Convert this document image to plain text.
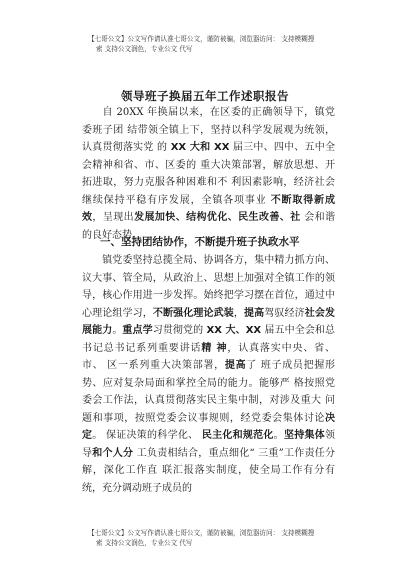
【七哥公文】公文写作请认准七哥公文，谨防被骗，浏览器访问： 支持模糊搜
索 支持公文润色，专业公文 代写
领导班子换届五年工作述职报告
自 20XX 年换届以来，在区委的正确领导下，镇党委班子团 结带领全镇上下，坚持以科学发展观为统领，认真贯彻落实党 的 XX 大和 XX 届三中、四中、五中全会精神和省、市、区委的 重大决策部署，解放思想、开拓进取，努力克服各种困难和不 利因素影响，经济社会继续保持平稳有序发展，全镇各项事业 不断取得新成效，呈现出发展加快、结构优化、民生改善、社 会和谐的良好态势。
一、坚持团结协作，不断提升班子执政水平
镇党委坚持总揽全局、协调各方，集中精力抓方向、议大事、管全局，从政治上、思想上加强对全镇工作的领导，核心作用进一步发挥。始终把学习摆在首位，通过中心理论组学习，不断强化理论武装，提高驾驭经济社会发展能力。重点学习贯彻党的 XX 大、XX 届五中全会和总书记总书记系列重要讲话精 神，认真落实中央、省、市、 区一系列重大决策部署，提高了 班子成员把握形势、应对复杂局面和掌控全局的能力。能够严 格按照党委会工作法，认真贯彻落实民主集中制，对涉及重大 问题和事项，按照党委会议事规则，经党委会集体讨论决定。 保证决策的科学化、 民主化和规范化。坚持集体领导和个人分 工负责相结合，重点细化“ 三重”工作责任分解，深化工作直 联汇报落实制度，使全局工作有分有统，充分调动班子成员的
【七哥公文】公文写作请认准七哥公文，谨防被骗，浏览器访问： 支持模糊搜
索 支持公文润色，专业公文 代写
